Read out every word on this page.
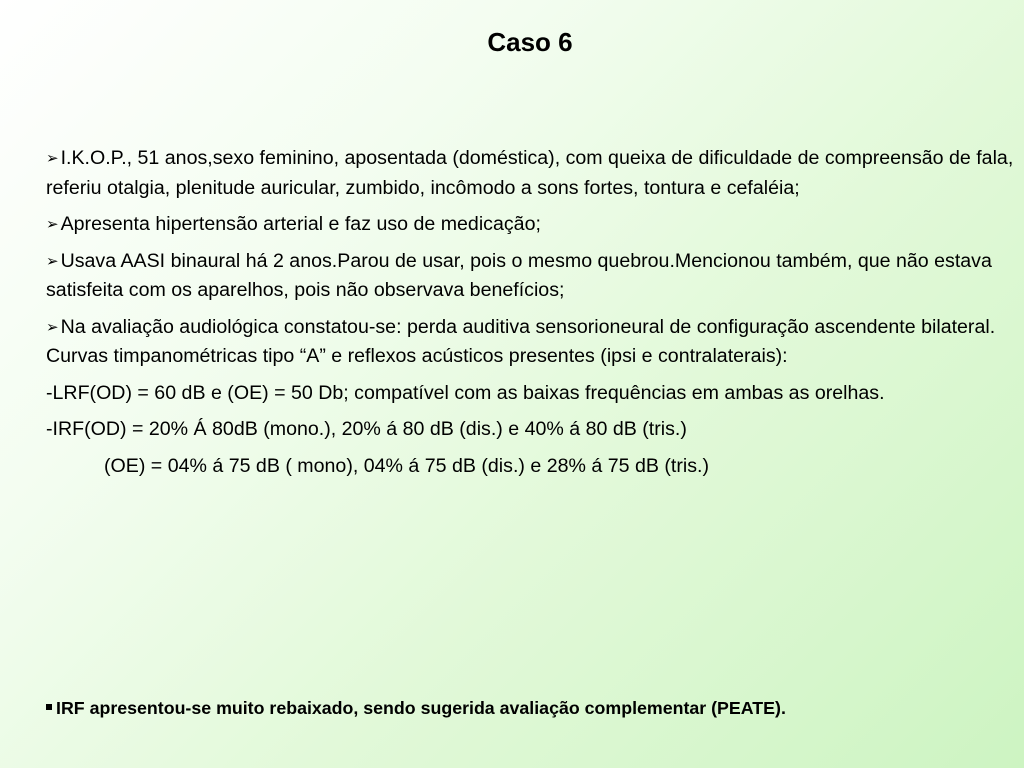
Caso 6

➢ I.K.O.P., 51 anos,sexo feminino, aposentada (doméstica), com queixa de dificuldade de compreensão de fala, referiu otalgia, plenitude auricular, zumbido, incômodo a sons fortes, tontura e cefaléia;

➢ Apresenta hipertensão arterial e faz uso de medicação;

➢ Usava AASI binaural há 2 anos.Parou de usar, pois o mesmo quebrou.Mencionou também, que não estava satisfeita com os aparelhos, pois não observava benefícios;

➢ Na avaliação audiológica constatou-se: perda auditiva sensorioneural de configuração ascendente bilateral. Curvas timpanométricas tipo “A” e reflexos acústicos presentes (ipsi e contralaterais):

-LRF(OD) = 60 dB e (OE) = 50 Db; compatível com as baixas frequências em ambas as orelhas.

-IRF(OD) = 20% Á 80dB (mono.), 20% á 80 dB (dis.) e 40% á 80 dB (tris.)

(OE) = 04% á 75 dB ( mono), 04% á 75 dB (dis.) e 28% á 75 dB (tris.)

IRF apresentou-se muito rebaixado, sendo sugerida avaliação complementar (PEATE).
